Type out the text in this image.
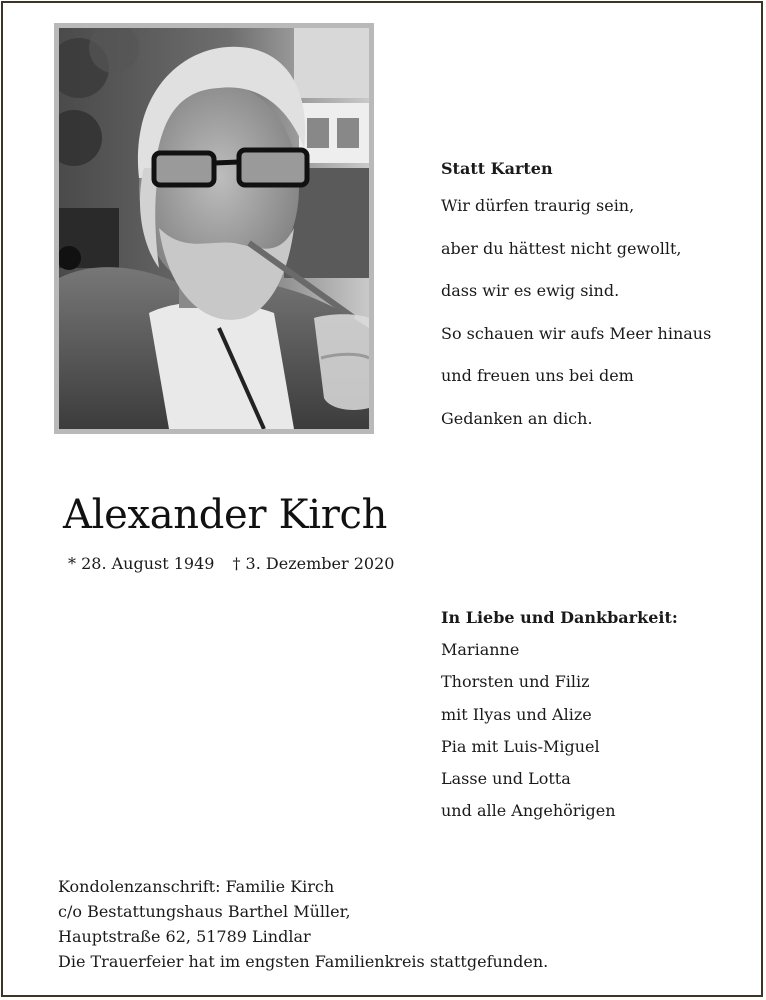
Statt Karten
Wir dürfen traurig sein,
aber du hättest nicht gewollt,
dass wir es ewig sind.
So schauen wir aufs Meer hinaus
und freuen uns bei dem
Gedanken an dich.
Alexander Kirch
* 28. August 1949 † 3. Dezember 2020
In Liebe und Dankbarkeit:
Marianne
Thorsten und Filiz
mit Ilyas und Alize
Pia mit Luis-Miguel
Lasse und Lotta
und alle Angehörigen
Kondolenzanschrift: Familie Kirch
c/o Bestattungshaus Barthel Müller,
Hauptstraße 62, 51789 Lindlar
Die Trauerfeier hat im engsten Familienkreis stattgefunden.
